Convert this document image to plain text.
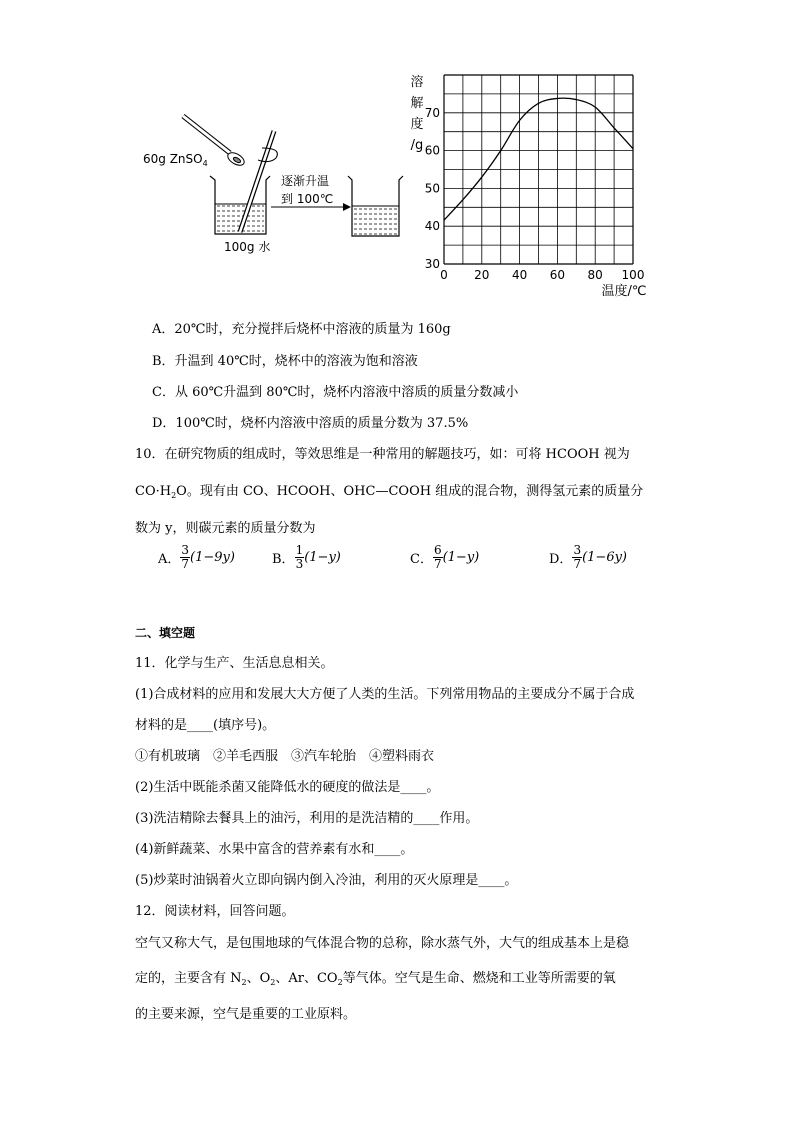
60g ZnSO$_4$
逐渐升温
到 100℃
100g 水
0 20 40 60 80 100
30
40
50
60
70
溶
解
度
/g
温度/℃
A．20℃时，充分搅拌后烧杯中溶液的质量为 160g
B．升温到 40℃时，烧杯中的溶液为饱和溶液
C．从 60℃升温到 80℃时，烧杯内溶液中溶质的质量分数减小
D．100℃时，烧杯内溶液中溶质的质量分数为 37.5%
10．在研究物质的组成时，等效思维是一种常用的解题技巧，如：可将 HCOOH 视为
$CO\cdot H_2O$。现有由 CO、HCOOH、OHC—COOH 组成的混合物，测得氢元素的质量分
数为 y，则碳元素的质量分数为
A． $\frac{3}{7} (1-9y)$	B． $\frac{1}{3} (1-y)$	C． $\frac{6}{7} (1-y)$	D． $\frac{3}{7} (1-6y)$
二、填空题
11．化学与生产、生活息息相关。
(1)合成材料的应用和发展大大方便了人类的生活。下列常用物品的主要成分不属于合成
材料的是____(填序号)。
①有机玻璃　②羊毛西服　③汽车轮胎　④塑料雨衣
(2)生活中既能杀菌又能降低水的硬度的做法是____。
(3)洗洁精除去餐具上的油污，利用的是洗洁精的____作用。
(4)新鲜蔬菜、水果中富含的营养素有水和____。
(5)炒菜时油锅着火立即向锅内倒入冷油，利用的灭火原理是____。
12．阅读材料，回答问题。
空气又称大气，是包围地球的气体混合物的总称，除水蒸气外，大气的组成基本上是稳
定的，主要含有 $N_2$、$O_2$、Ar、$CO_2$等气体。空气是生命、燃烧和工业等所需要的氧
的主要来源，空气是重要的工业原料。
